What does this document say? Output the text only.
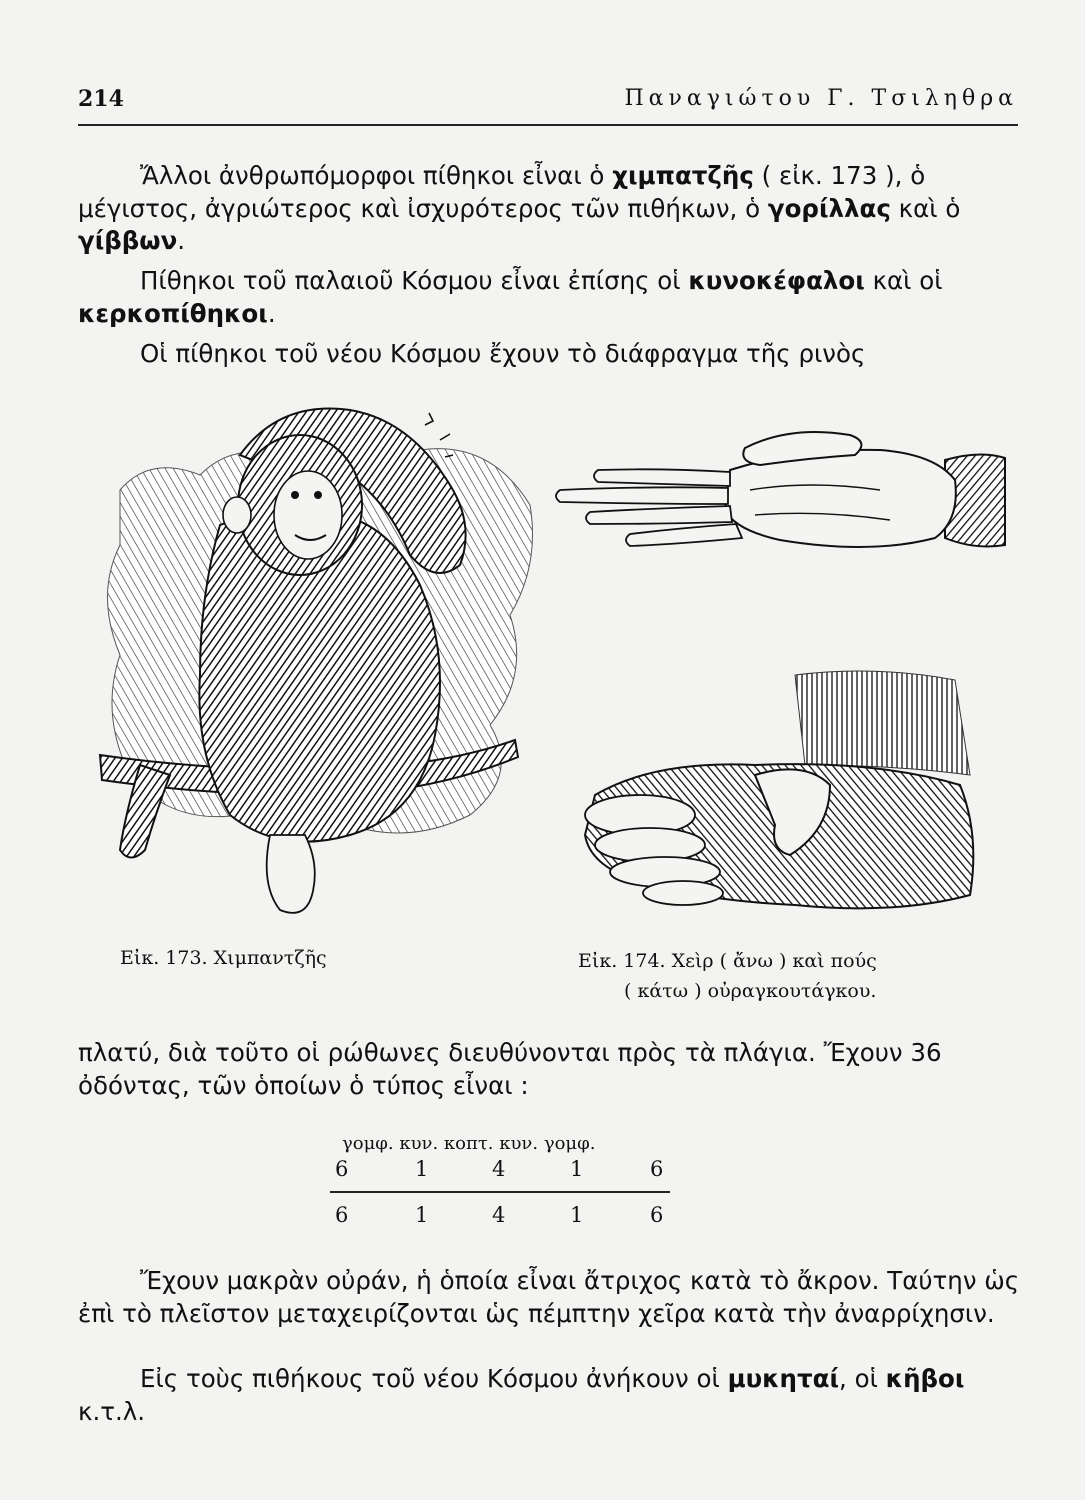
214	Παναγιώτου Γ. Τσιληθρα

Ἄλλοι ἀνθρωπόμορφοι πίθηκοι εἶναι ὁ χιμπατζῆς ( εἰκ. 173 ), ὁ μέγιστος, ἀγριώτερος καὶ ἰσχυρότερος τῶν πιθήκων, ὁ γορίλλας καὶ ὁ γίββων.

Πίθηκοι τοῦ παλαιοῦ Κόσμου εἶναι ἐπίσης οἱ κυνοκέφαλοι καὶ οἱ κερκοπίθηκοι.

Οἱ πίθηκοι τοῦ νέου Κόσμου ἔχουν τὸ διάφραγμα τῆς ρινὸς

Εἰκ. 173. Χιμπαντζῆς	Εἰκ. 174. Χεὶρ ( ἄνω ) καὶ πούς
( κάτω ) οὐραγκουτάγκου.

πλατύ, διὰ τοῦτο οἱ ρώθωνες διευθύνονται πρὸς τὰ πλάγια. Ἔχουν 36 ὀδόντας, τῶν ὁποίων ὁ τύπος εἶναι :

γομφ. κυν. κοπτ. κυν. γομφ.
6	1	4	1	6
6	1	4	1	6

Ἔχουν μακρὰν οὐράν, ἡ ὁποία εἶναι ἄτριχος κατὰ τὸ ἄκρον. Ταύτην ὡς ἐπὶ τὸ πλεῖστον μεταχειρίζονται ὡς πέμπτην χεῖρα κατὰ τὴν ἀναρρίχησιν.

Εἰς τοὺς πιθήκους τοῦ νέου Κόσμου ἀνήκουν οἱ μυκηταί, οἱ κῆβοι κ.τ.λ.
